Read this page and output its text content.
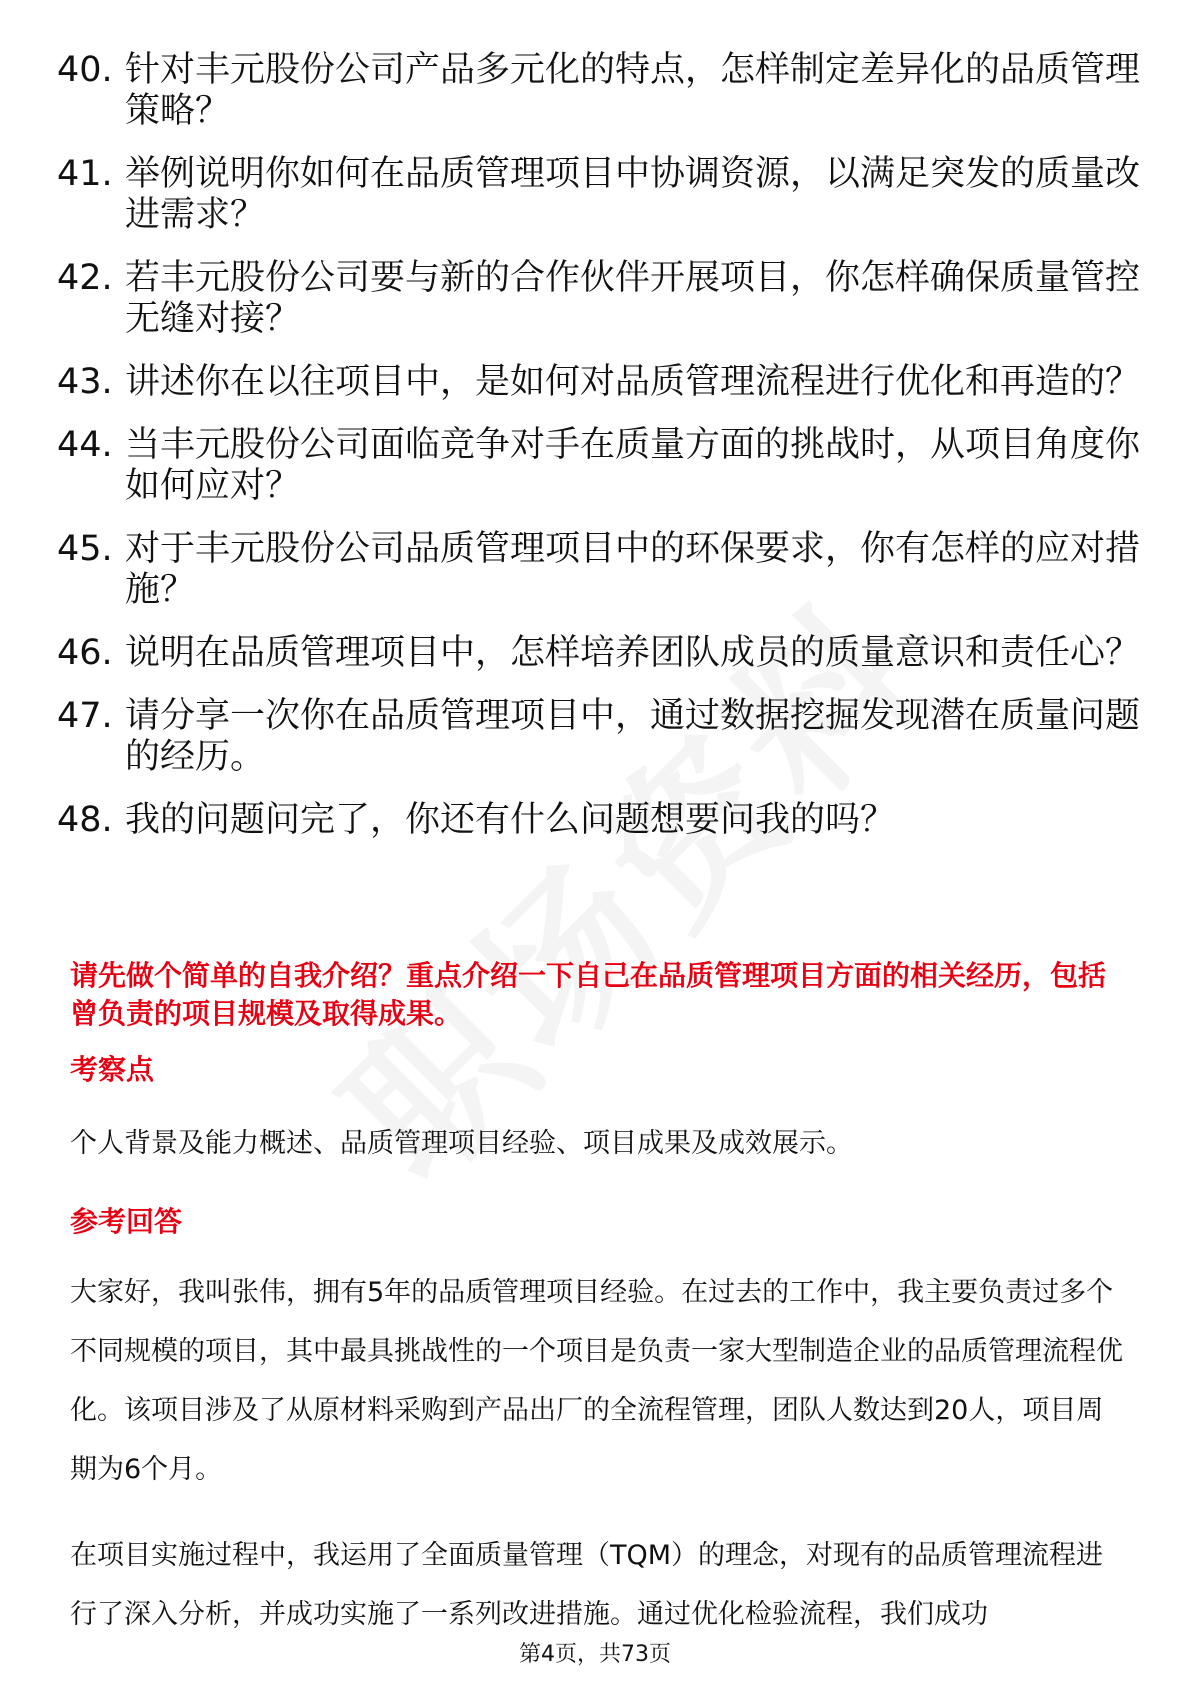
40. 针对丰元股份公司产品多元化的特点，怎样制定差异化的品质管理策略？
41. 举例说明你如何在品质管理项目中协调资源，以满足突发的质量改进需求？
42. 若丰元股份公司要与新的合作伙伴开展项目，你怎样确保质量管控无缝对接？
43. 讲述你在以往项目中，是如何对品质管理流程进行优化和再造的？
44. 当丰元股份公司面临竞争对手在质量方面的挑战时，从项目角度你如何应对？
45. 对于丰元股份公司品质管理项目中的环保要求，你有怎样的应对措施？
46. 说明在品质管理项目中，怎样培养团队成员的质量意识和责任心？
47. 请分享一次你在品质管理项目中，通过数据挖掘发现潜在质量问题的经历。
48. 我的问题问完了，你还有什么问题想要问我的吗？

请先做个简单的自我介绍？重点介绍一下自己在品质管理项目方面的相关经历，包括曾负责的项目规模及取得成果。

考察点

个人背景及能力概述、品质管理项目经验、项目成果及成效展示。

参考回答

大家好，我叫张伟，拥有5年的品质管理项目经验。在过去的工作中，我主要负责过多个不同规模的项目，其中最具挑战性的一个项目是负责一家大型制造企业的品质管理流程优化。该项目涉及了从原材料采购到产品出厂的全流程管理，团队人数达到20人，项目周期为6个月。

在项目实施过程中，我运用了全面质量管理（TQM）的理念，对现有的品质管理流程进行了深入分析，并成功实施了一系列改进措施。通过优化检验流程，我们成功

第4页，共73页
